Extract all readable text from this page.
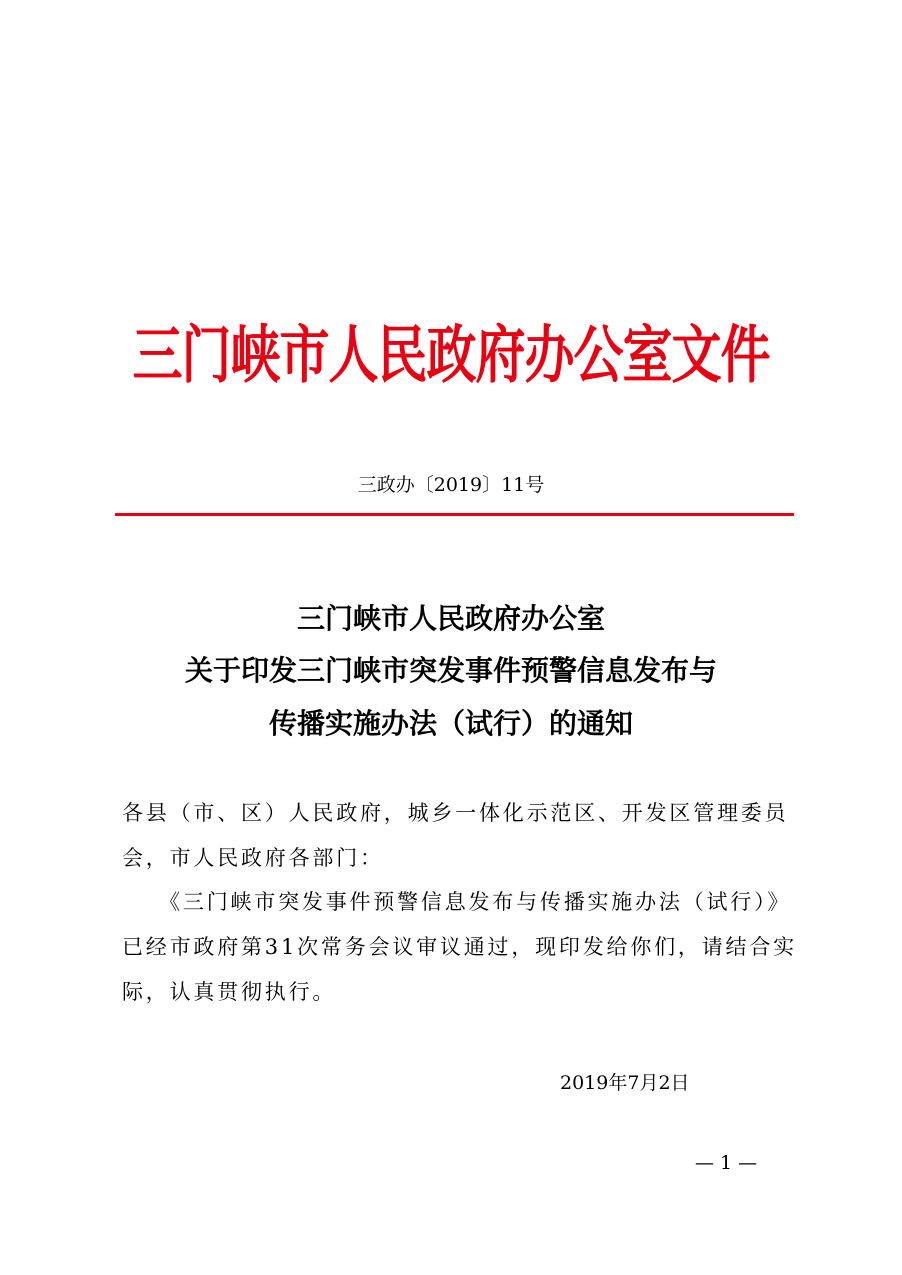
三门峡市人民政府办公室文件
三政办〔2019〕11号
三门峡市人民政府办公室
关于印发三门峡市突发事件预警信息发布与
传播实施办法（试行）的通知
各县（市、区）人民政府，城乡一体化示范区、开发区管理委员
会，市人民政府各部门：
　　《三门峡市突发事件预警信息发布与传播实施办法（试行）》
已经市政府第31次常务会议审议通过，现印发给你们，请结合实
际，认真贯彻执行。
2019年7月2日
— 1 —
